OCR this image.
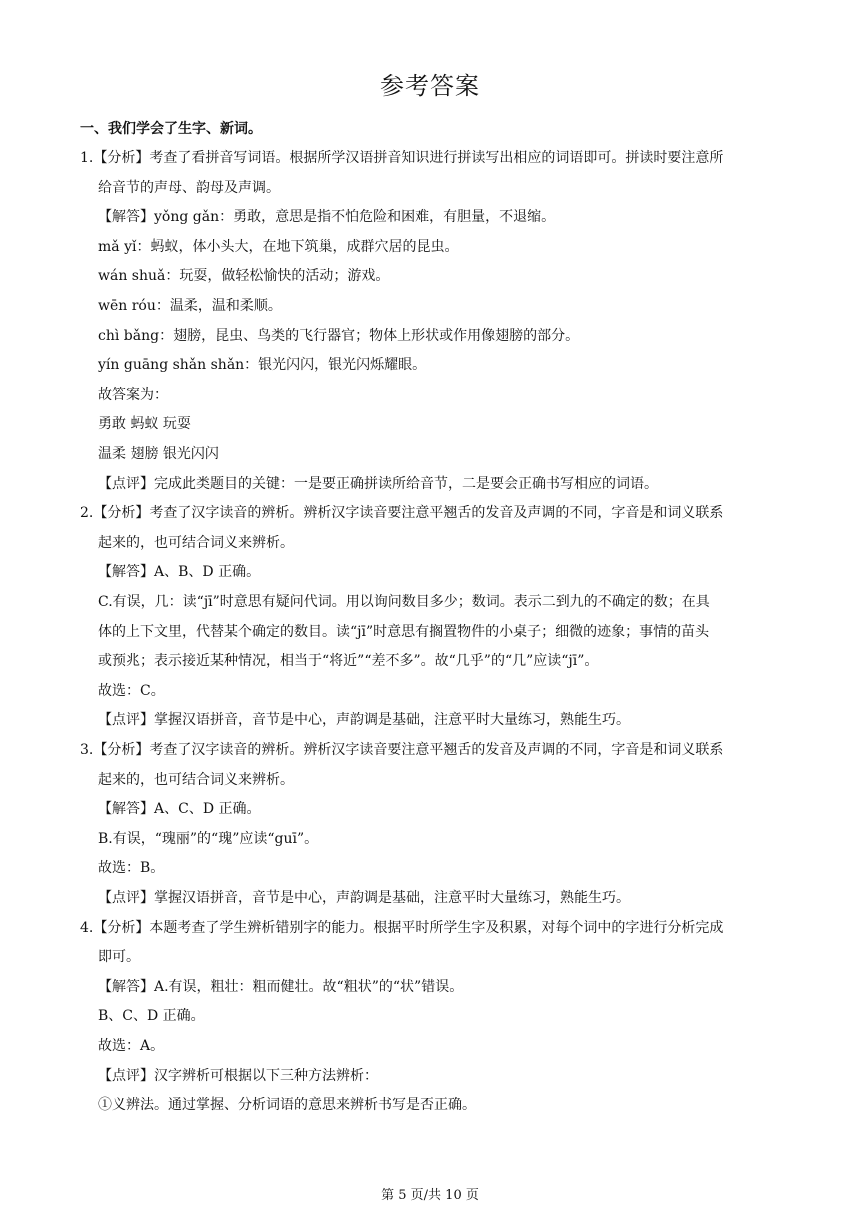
参考答案
一、我们学会了生字、新词。
1.【分析】考查了看拼音写词语。根据所学汉语拼音知识进行拼读写出相应的词语即可。拼读时要注意所
给音节的声母、韵母及声调。
【解答】yǒng gǎn：勇敢，意思是指不怕危险和困难，有胆量，不退缩。
mǎ yǐ：蚂蚁，体小头大，在地下筑巢，成群穴居的昆虫。
wán shuǎ：玩耍，做轻松愉快的活动；游戏。
wēn róu：温柔，温和柔顺。
chì bǎng：翅膀，昆虫、鸟类的飞行器官；物体上形状或作用像翅膀的部分。
yín guāng shǎn shǎn：银光闪闪，银光闪烁耀眼。
故答案为：
勇敢 蚂蚁 玩耍
温柔 翅膀 银光闪闪
【点评】完成此类题目的关键：一是要正确拼读所给音节，二是要会正确书写相应的词语。
2.【分析】考查了汉字读音的辨析。辨析汉字读音要注意平翘舌的发音及声调的不同，字音是和词义联系
起来的，也可结合词义来辨析。
【解答】A、B、D 正确。
C.有误，几：读“jī”时意思有疑问代词。用以询问数目多少；数词。表示二到九的不确定的数；在具
体的上下文里，代替某个确定的数目。读“jī”时意思有搁置物件的小桌子；细微的迹象；事情的苗头
或预兆；表示接近某种情况，相当于“将近”“差不多”。故“几乎”的“几”应读“jī”。
故选：C。
【点评】掌握汉语拼音，音节是中心，声韵调是基础，注意平时大量练习，熟能生巧。
3.【分析】考查了汉字读音的辨析。辨析汉字读音要注意平翘舌的发音及声调的不同，字音是和词义联系
起来的，也可结合词义来辨析。
【解答】A、C、D 正确。
B.有误，“瑰丽”的“瑰”应读“guī”。
故选：B。
【点评】掌握汉语拼音，音节是中心，声韵调是基础，注意平时大量练习，熟能生巧。
4.【分析】本题考查了学生辨析错别字的能力。根据平时所学生字及积累，对每个词中的字进行分析完成
即可。
【解答】A.有误，粗壮：粗而健壮。故“粗状”的“状”错误。
B、C、D 正确。
故选：A。
【点评】汉字辨析可根据以下三种方法辨析：
①义辨法。通过掌握、分析词语的意思来辨析书写是否正确。
第 5 页/共 10 页
